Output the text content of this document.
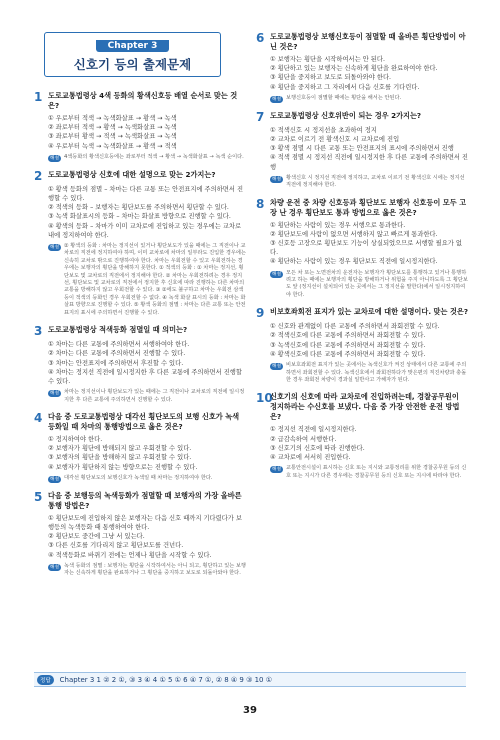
Chapter 3
신호기 등의 출제문제
1 도로교통법령상 4색 등화의 황색신호등 배열 순서로 맞는 것은?
① 우로부터 적색 → 녹색화살표 → 황색 → 녹색
② 좌로부터 적색 → 황색 → 녹색화살표 → 녹색
③ 좌로부터 황색 → 적색 → 녹색화살표 → 녹색
④ 우로부터 녹색 → 녹색화살표 → 황색 → 적색
해설 4색등화의 황색신호등에는 좌로부터 적색 → 황색 → 녹색화살표 → 녹색 순이다.
2 도로교통법령상 신호에 대한 설명으로 맞는 2가지는?
① 황색 등화의 점멸 – 차마는 다른 교통 또는 안전표지에 주의하면서 진행할 수 있다.
② 적색의 등화 – 보행자는 횡단보도를 주의하면서 횡단할 수 있다.
③ 녹색 화살표시의 등화 – 차마는 화살표 방향으로 진행할 수 있다.
④ 황색의 등화 – 차마가 이미 교차로에 진입하고 있는 경우에는 교차로 내에 정지하여야 한다.
해설 ② 황색의 등화 : 차마는 정지선이 있거나 횡단보도가 있을 때에는 그 직전이나 교차로의 직전에 정지하여야 하며, 이미 교차로에 차마의 일부라도 진입한 경우에는 신속히 교차로 밖으로 진행하여야 한다. 차마는 우회전할 수 있고 우회전하는 경우에는 보행자의 횡단을 방해하지 못한다. ① 적색의 등화 : ① 차마는 정지선, 횡단보도 및 교차로의 직전에서 정지해야 한다. ② 차마는 우회전하려는 경우 정지선, 횡단보도 및 교차로의 직전에서 정지한 후 신호에 따라 진행하는 다른 차마의 교통을 방해하지 않고 우회전할 수 있다. ③ ②에도 불구하고 차마는 우회전 삼색등이 적색의 등화인 경우 우회전할 수 없다. ④ 녹색 화살 표시의 등화 : 차마는 화살표 방향으로 진행할 수 있다. ⑤ 황색 등화의 점멸 : 차마는 다른 교통 또는 안전표지의 표시에 주의하면서 진행할 수 있다.
3 도로교통법령상 적색등화 점멸일 때 의미는?
① 차마는 다른 교통에 주의하면서 서행하여야 한다.
② 차마는 다른 교통에 주의하면서 진행할 수 있다.
③ 차마는 안전표지에 주의하면서 후진할 수 있다.
④ 차마는 정지선 직전에 일시정지한 후 다른 교통에 주의하면서 진행할 수 있다.
해설 차마는 정지선이나 횡단보도가 있는 때에는 그 직전이나 교차로의 직전에 일시정지한 후 다른 교통에 주의하면서 진행할 수 있다.
4 다음 중 도로교통법령상 대각선 횡단보도의 보행 신호가 녹색 등화일 때 차마의 통행방법으로 옳은 것은?
① 정지하여야 한다.
② 보행자가 횡단에 방해되지 않고 우회전할 수 있다.
③ 보행자의 횡단을 방해하지 않고 우회전할 수 있다.
④ 보행자가 횡단하지 않는 방향으로는 진행할 수 있다.
해설 대각선 횡단보도의 보행신호가 녹색일 때 차마는 정지하여야 한다.
5 다음 중 보행등의 녹색등화가 점멸할 때 보행자의 가장 올바른 통행 방법은?
① 횡단보도에 진입하지 않은 보행자는 다음 신호 때까지 기다렸다가 보행등의 녹색등화 때 통행하여야 한다.
② 횡단보도 중간에 그냥 서 있는다.
③ 다른 신호를 기다리지 않고 횡단보도를 건넌다.
④ 적색등화로 바뀌기 전에는 언제나 횡단을 시작할 수 있다.
해설 녹색 등화의 점멸 : 보행자는 횡단을 시작하여서는 아니 되고, 횡단하고 있는 보행자는 신속하게 횡단을 완료하거나 그 횡단을 중지하고 보도로 되돌아와야 한다.
6 도로교통법령상 보행신호등이 점멸할 때 올바른 횡단방법이 아닌 것은?
① 보행자는 횡단을 시작하여서는 안 된다.
② 횡단하고 있는 보행자는 신속하게 횡단을 완료하여야 한다.
③ 횡단을 중지하고 보도로 되돌아와야 한다.
④ 횡단을 중지하고 그 자리에서 다음 신호를 기다린다.
해설 보행신호등이 점멸할 때에는 횡단을 해서는 안된다.
7 도로교통법령상 신호위반이 되는 경우 2가지는?
① 적색신호 시 정지선을 초과하여 정지
② 교차로 이르기 전 황색신호 시 교차로에 진입
③ 황색 점멸 시 다른 교통 또는 안전표지의 표시에 주의하면서 진행
④ 적색 점멸 시 정지선 직전에 일시정지한 후 다른 교통에 주의하면서 진행
해설 황색신호 시 정지선 직전에 정지하고, 교차로 이르기 전 황색신호 시에는 정지선 직전에 정지해야 한다.
8 차량 운전 중 차량 신호등과 횡단보도 보행자 신호등이 모두 고장 난 경우 횡단보도 통과 방법으로 옳은 것은?
① 횡단하는 사람이 있는 경우 서행으로 통과한다.
② 횡단보도에 사람이 없으면 서행하지 않고 빠르게 통과한다.
③ 신호등 고장으로 횡단보도 기능이 상실되었으므로 서행할 필요가 없다.
④ 횡단하는 사람이 있는 경우 횡단보도 직전에 일시정지한다.
해설 모든 차 또는 노면전차의 운전자는 보행자가 횡단보도를 통행하고 있거나 통행하려고 하는 때에는 보행자의 횡단을 방해하거나 위험을 주지 아니하도록 그 횡단보도 앞 (정지선이 설치되어 있는 곳에서는 그 정지선을 말한다)에서 일시정지하여야 한다.
9 비보호좌회전 표지가 있는 교차로에 대한 설명이다. 맞는 것은?
① 신호와 관계없이 다른 교통에 주의하면서 좌회전할 수 있다.
② 적색신호에 다른 교통에 주의하면서 좌회전할 수 있다.
③ 녹색신호에 다른 교통에 주의하면서 좌회전할 수 있다.
④ 황색신호에 다른 교통에 주의하면서 좌회전할 수 있다.
해설 비보호좌회전 표지가 있는 곳에서는 녹색신호가 켜진 상태에서 다른 교통에 주의하면서 좌회전할 수 있다. 녹색신호에서 좌회전하다가 맞은편의 직진차량과 충돌한 경우 좌회전 차량이 경과실 일반사고 가해자가 된다.
10
신호기의 신호에 따라 교차로에 진입하려는데, 경찰공무원이 정지하라는 수신호를 보냈다. 다음 중 가장 안전한 운전 방법은?
① 정지선 직전에 일시정지한다.
② 급감속하여 서행한다.
③ 신호기의 신호에 따라 진행한다.
④ 교차로에 서서히 진입한다.
해설 교통안전시설이 표시하는 신호 또는 지시와 교통정리를 위한 경찰공무원 등의 신호 또는 지시가 다른 경우에는 경찰공무원 등의 신호 또는 지시에 따라야 한다.
정답	Chapter 3 1 ② 2 ①, ③ 3 ④ 4 ① 5 ① 6 ④ 7 ①, ② 8 ④ 9 ③ 10 ①
39
